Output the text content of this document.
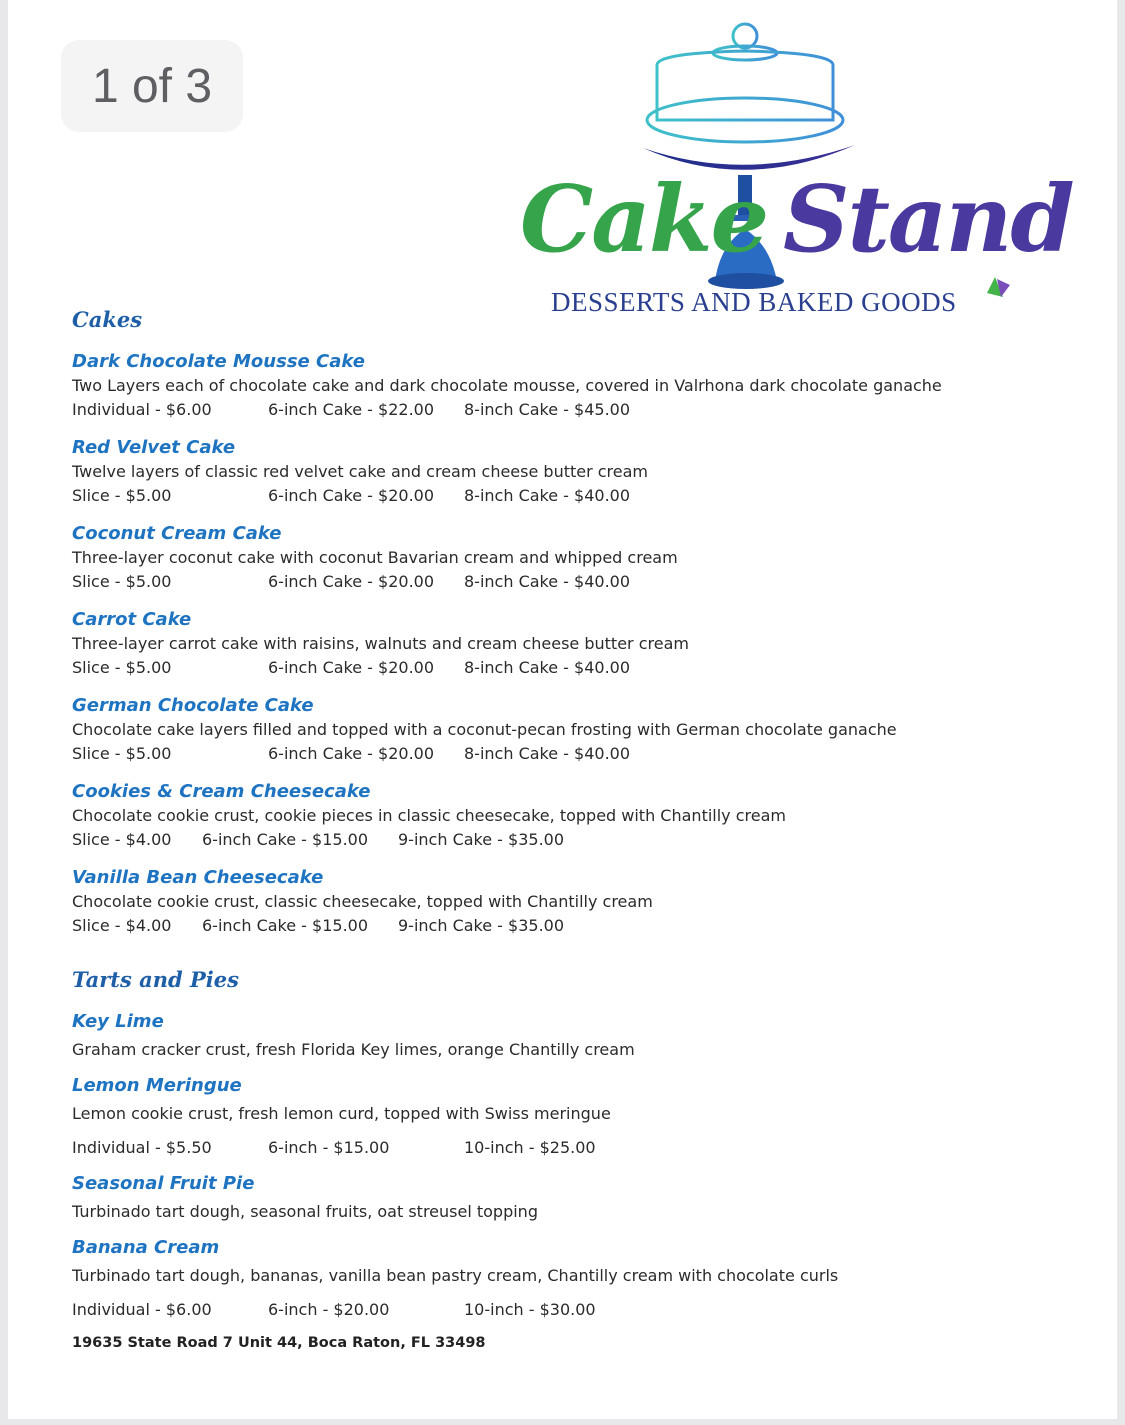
1 of 3
Cake Stand
DESSERTS AND BAKED GOODS
Cakes
Dark Chocolate Mousse Cake
Two Layers each of chocolate cake and dark chocolate mousse, covered in Valrhona dark chocolate ganache
Individual - $6.00	6-inch Cake - $22.00 8-inch Cake - $45.00
Red Velvet Cake
Twelve layers of classic red velvet cake and cream cheese butter cream
Slice - $5.00	6-inch Cake - $20.00 8-inch Cake - $40.00
Coconut Cream Cake
Three-layer coconut cake with coconut Bavarian cream and whipped cream
Slice - $5.00	6-inch Cake - $20.00 8-inch Cake - $40.00
Carrot Cake
Three-layer carrot cake with raisins, walnuts and cream cheese butter cream
Slice - $5.00	6-inch Cake - $20.00 8-inch Cake - $40.00
German Chocolate Cake
Chocolate cake layers filled and topped with a coconut-pecan frosting with German chocolate ganache
Slice - $5.00	6-inch Cake - $20.00 8-inch Cake - $40.00
Cookies & Cream Cheesecake
Chocolate cookie crust, cookie pieces in classic cheesecake, topped with Chantilly cream
Slice - $4.00 6-inch Cake - $15.00 9-inch Cake - $35.00
Vanilla Bean Cheesecake
Chocolate cookie crust, classic cheesecake, topped with Chantilly cream
Slice - $4.00 6-inch Cake - $15.00 9-inch Cake - $35.00
Tarts and Pies
Key Lime
Graham cracker crust, fresh Florida Key limes, orange Chantilly cream
Lemon Meringue
Lemon cookie crust, fresh lemon curd, topped with Swiss meringue
Individual - $5.50	6-inch - $15.00	10-inch - $25.00
Seasonal Fruit Pie
Turbinado tart dough, seasonal fruits, oat streusel topping
Banana Cream
Turbinado tart dough, bananas, vanilla bean pastry cream, Chantilly cream with chocolate curls
Individual - $6.00	6-inch - $20.00	10-inch - $30.00
19635 State Road 7 Unit 44, Boca Raton, FL 33498
